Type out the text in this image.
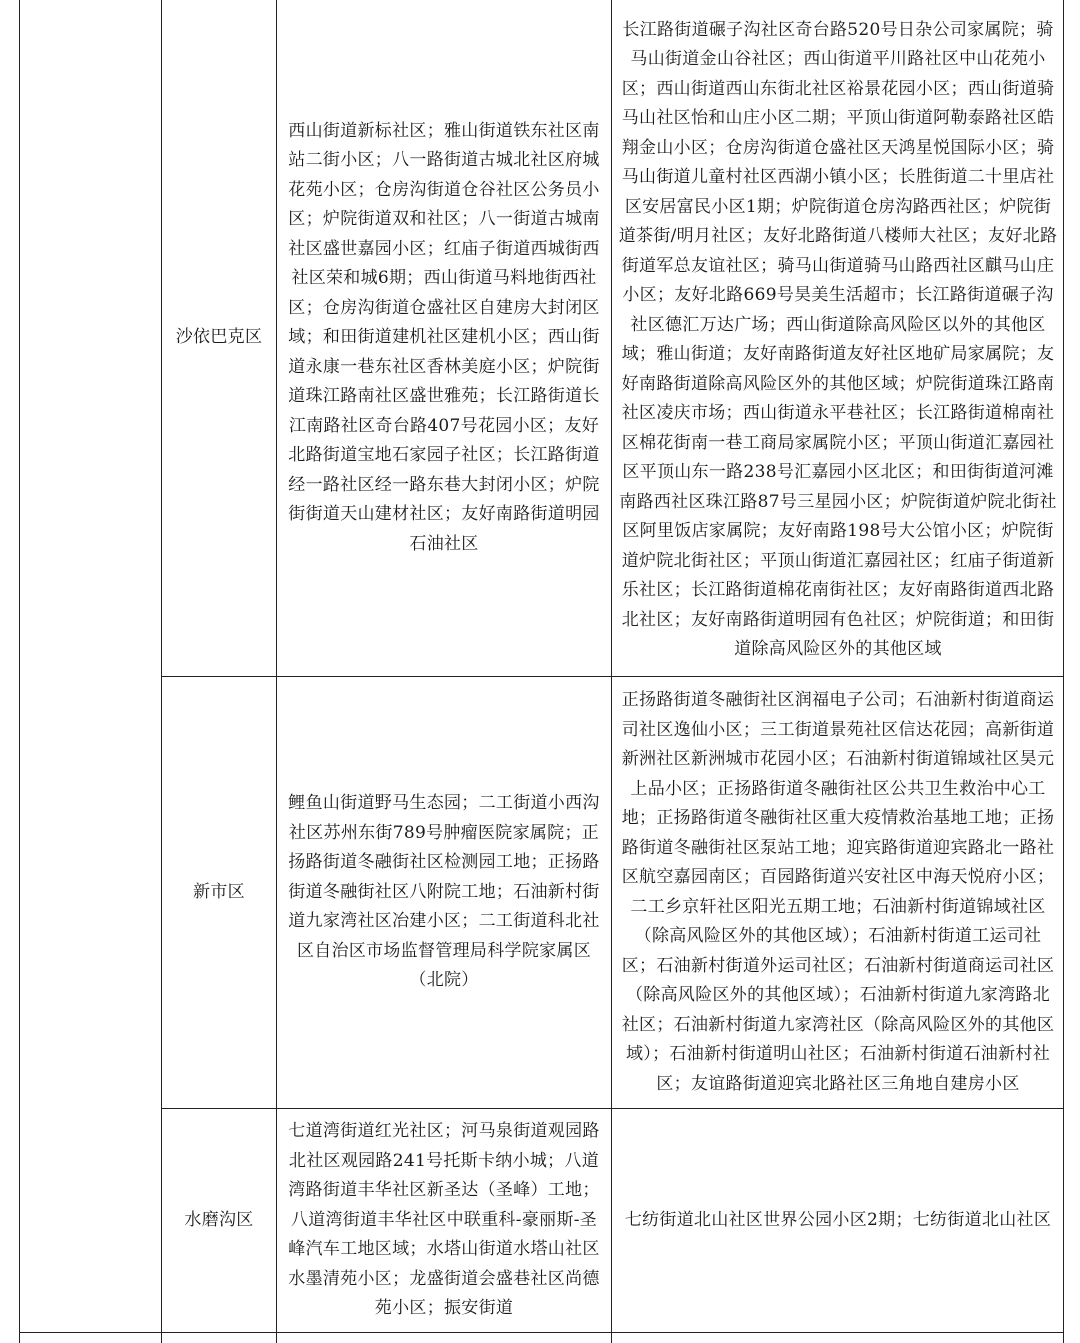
沙依巴克区
西山街道新标社区；雅山街道铁东社区南站二街小区；八一路街道古城北社区府城花苑小区；仓房沟街道仓谷社区公务员小区；炉院街道双和社区；八一街道古城南社区盛世嘉园小区；红庙子街道西城街西社区荣和城6期；西山街道马料地街西社区；仓房沟街道仓盛社区自建房大封闭区域；和田街道建机社区建机小区；西山街道永康一巷东社区香林美庭小区；炉院街道珠江路南社区盛世雅苑；长江路街道长江南路社区奇台路407号花园小区；友好北路街道宝地石家园子社区；长江路街道经一路社区经一路东巷大封闭小区；炉院街街道天山建材社区；友好南路街道明园石油社区
长江路街道碾子沟社区奇台路520号日杂公司家属院；骑马山街道金山谷社区；西山街道平川路社区中山花苑小区；西山街道西山东街北社区裕景花园小区；西山街道骑马山社区怡和山庄小区二期；平顶山街道阿勒泰路社区皓翔金山小区；仓房沟街道仓盛社区天鸿星悦国际小区；骑马山街道儿童村社区西湖小镇小区；长胜街道二十里店社区安居富民小区1期；炉院街道仓房沟路西社区；炉院街道茶街/明月社区；友好北路街道八楼师大社区；友好北路街道军总友谊社区；骑马山街道骑马山路西社区麒马山庄小区；友好北路669号昊美生活超市；长江路街道碾子沟社区德汇万达广场；西山街道除高风险区以外的其他区域；雅山街道；友好南路街道友好社区地矿局家属院；友好南路街道除高风险区外的其他区域；炉院街道珠江路南社区凌庆市场；西山街道永平巷社区；长江路街道棉南社区棉花街南一巷工商局家属院小区；平顶山街道汇嘉园社区平顶山东一路238号汇嘉园小区北区；和田街街道河滩南路西社区珠江路87号三星园小区；炉院街道炉院北街社区阿里饭店家属院；友好南路198号大公馆小区；炉院街道炉院北街社区；平顶山街道汇嘉园社区；红庙子街道新乐社区；长江路街道棉花南街社区；友好南路街道西北路北社区；友好南路街道明园有色社区；炉院街道；和田街道除高风险区外的其他区域
新市区
鲤鱼山街道野马生态园；二工街道小西沟社区苏州东街789号肿瘤医院家属院；正扬路街道冬融街社区检测园工地；正扬路街道冬融街社区八附院工地；石油新村街道九家湾社区冶建小区；二工街道科北社区自治区市场监督管理局科学院家属区（北院）
正扬路街道冬融街社区润福电子公司；石油新村街道商运司社区逸仙小区；三工街道景苑社区信达花园；高新街道新洲社区新洲城市花园小区；石油新村街道锦域社区昊元上品小区；正扬路街道冬融街社区公共卫生救治中心工地；正扬路街道冬融街社区重大疫情救治基地工地；正扬路街道冬融街社区泵站工地；迎宾路街道迎宾路北一路社区航空嘉园南区；百园路街道兴安社区中海天悦府小区；二工乡京轩社区阳光五期工地；石油新村街道锦域社区（除高风险区外的其他区域）；石油新村街道工运司社区；石油新村街道外运司社区；石油新村街道商运司社区（除高风险区外的其他区域）；石油新村街道九家湾路北社区；石油新村街道九家湾社区（除高风险区外的其他区域）；石油新村街道明山社区；石油新村街道石油新村社区；友谊路街道迎宾北路社区三角地自建房小区
水磨沟区
七道湾街道红光社区；河马泉街道观园路北社区观园路241号托斯卡纳小城；八道湾路街道丰华社区新圣达（圣峰）工地；八道湾街道丰华社区中联重科-豪丽斯-圣峰汽车工地区域；水塔山街道水塔山社区水墨清苑小区；龙盛街道会盛巷社区尚德苑小区；振安街道
七纺街道北山社区世界公园小区2期；七纺街道北山社区
